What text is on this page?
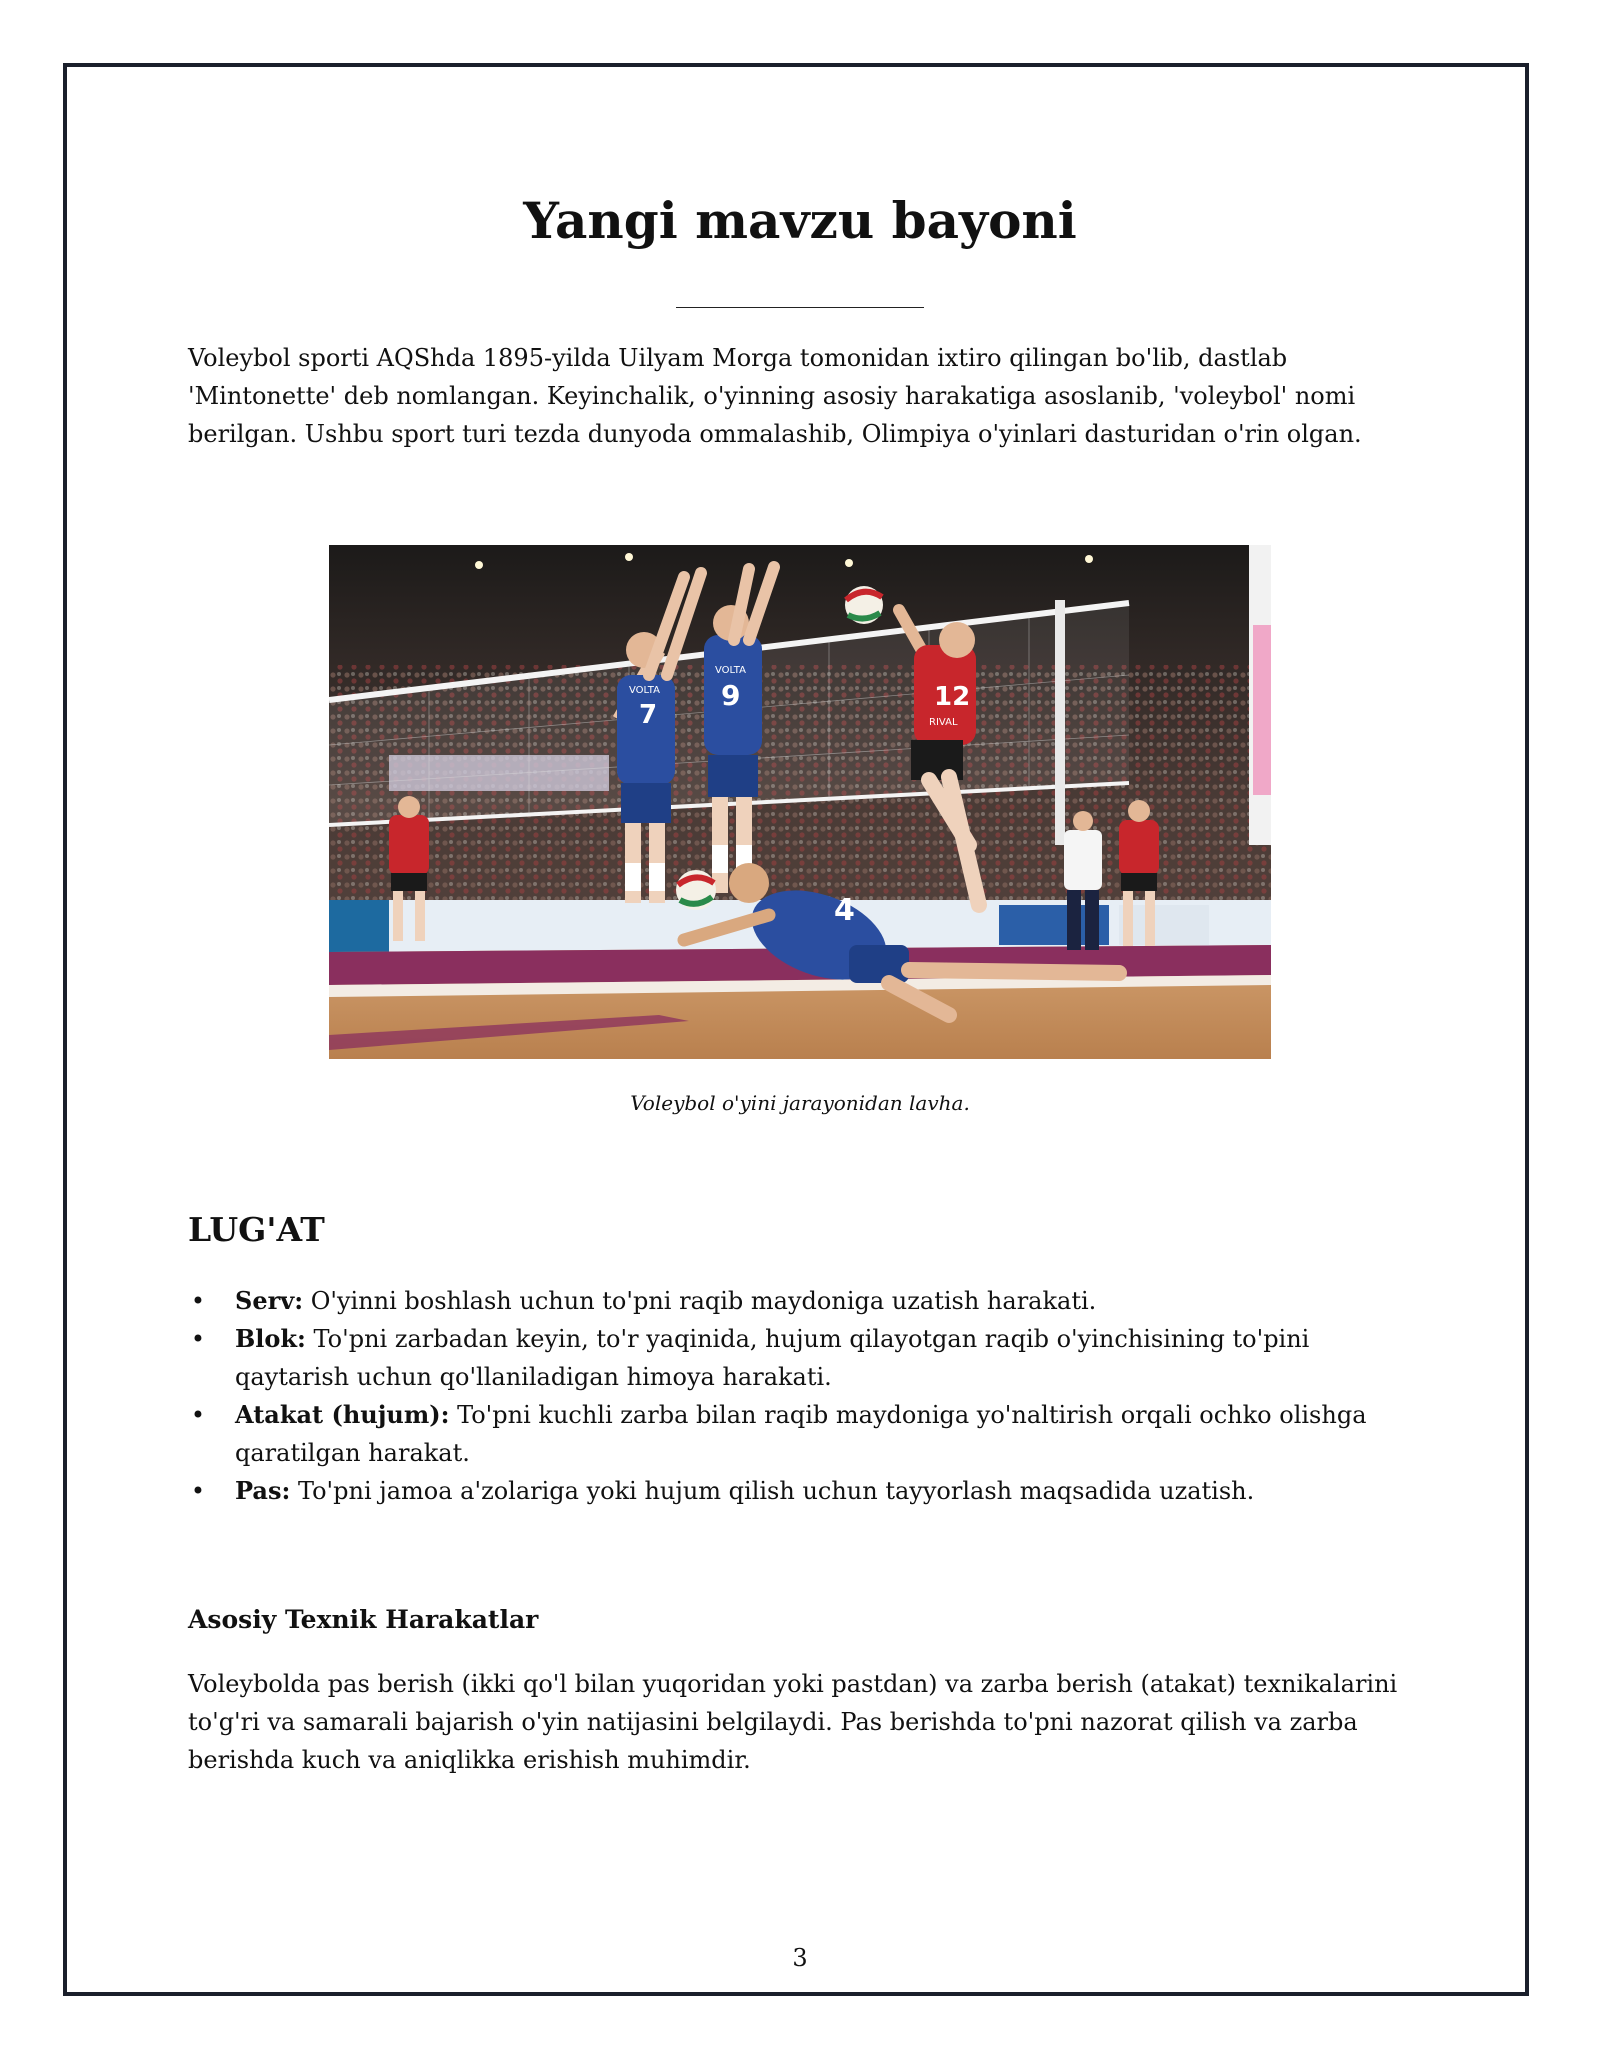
Yangi mavzu bayoni

Voleybol sporti AQShda 1895-yilda Uilyam Morga tomonidan ixtiro qilingan bo'lib, dastlab 'Mintonette' deb nomlangan. Keyinchalik, o'yinning asosiy harakatiga asoslanib, 'voleybol' nomi berilgan. Ushbu sport turi tezda dunyoda ommalashib, Olimpiya o'yinlari dasturidan o'rin olgan.

7
VOLTA 9
VOLTA
12
RIVAL
4
Voleybol o'yini jarayonidan lavha.
LUG'AT
• Serv: O'yinni boshlash uchun to'pni raqib maydoniga uzatish harakati.
• Blok: To'pni zarbadan keyin, to'r yaqinida, hujum qilayotgan raqib o'yinchisining to'pini qaytarish uchun qo'llaniladigan himoya harakati.
• Atakat (hujum): To'pni kuchli zarba bilan raqib maydoniga yo'naltirish orqali ochko olishga qaratilgan harakat.
• Pas: To'pni jamoa a'zolariga yoki hujum qilish uchun tayyorlash maqsadida uzatish.
Asosiy Texnik Harakatlar

Voleybolda pas berish (ikki qo'l bilan yuqoridan yoki pastdan) va zarba berish (atakat) texnikalarini to'g'ri va samarali bajarish o'yin natijasini belgilaydi. Pas berishda to'pni nazorat qilish va zarba berishda kuch va aniqlikka erishish muhimdir.

3
